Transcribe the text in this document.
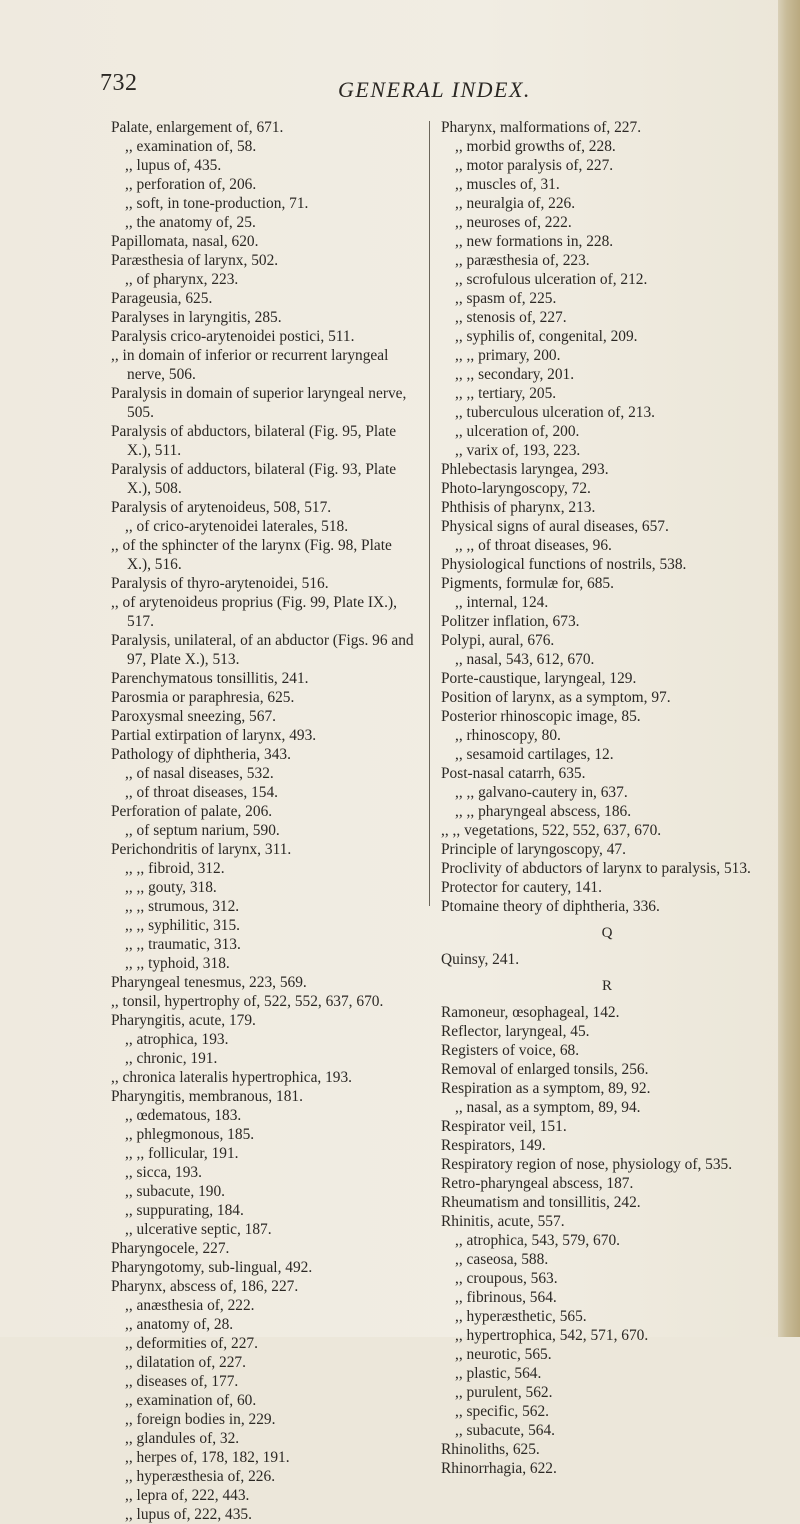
732	GENERAL INDEX.

Palate, enlargement of, 671.

,, examination of, 58.

,, lupus of, 435.

,, perforation of, 206.

,, soft, in tone-production, 71.

,, the anatomy of, 25.

Papillomata, nasal, 620.

Paræsthesia of larynx, 502.

,, of pharynx, 223.

Parageusia, 625.

Paralyses in laryngitis, 285.

Paralysis crico-arytenoidei postici, 511.

,, in domain of inferior or recurrent laryngeal nerve, 506.

Paralysis in domain of superior laryngeal nerve, 505.

Paralysis of abductors, bilateral (Fig. 95, Plate X.), 511.

Paralysis of adductors, bilateral (Fig. 93, Plate X.), 508.

Paralysis of arytenoideus, 508, 517.

,, of crico-arytenoidei laterales, 518.

,, of the sphincter of the larynx (Fig. 98, Plate X.), 516.

Paralysis of thyro-arytenoidei, 516.

,, of arytenoideus proprius (Fig. 99, Plate IX.), 517.

Paralysis, unilateral, of an abductor (Figs. 96 and 97, Plate X.), 513.

Parenchymatous tonsillitis, 241.

Parosmia or paraphresia, 625.

Paroxysmal sneezing, 567.

Partial extirpation of larynx, 493.

Pathology of diphtheria, 343.

,, of nasal diseases, 532.

,, of throat diseases, 154.

Perforation of palate, 206.

,, of septum narium, 590.

Perichondritis of larynx, 311.

,, ,, fibroid, 312.

,, ,, gouty, 318.

,, ,, strumous, 312.

,, ,, syphilitic, 315.

,, ,, traumatic, 313.

,, ,, typhoid, 318.

Pharyngeal tenesmus, 223, 569.

,, tonsil, hypertrophy of, 522, 552, 637, 670.

Pharyngitis, acute, 179.

,, atrophica, 193.

,, chronic, 191.

,, chronica lateralis hypertrophica, 193.

Pharyngitis, membranous, 181.

,, œdematous, 183.

,, phlegmonous, 185.

,, ,, follicular, 191.

,, sicca, 193.

,, subacute, 190.

,, suppurating, 184.

,, ulcerative septic, 187.

Pharyngocele, 227.

Pharyngotomy, sub-lingual, 492.

Pharynx, abscess of, 186, 227.

,, anæsthesia of, 222.

,, anatomy of, 28.

,, deformities of, 227.

,, dilatation of, 227.

,, diseases of, 177.

,, examination of, 60.

,, foreign bodies in, 229.

,, glandules of, 32.

,, herpes of, 178, 182, 191.

,, hyperæsthesia of, 226.

,, lepra of, 222, 443.

,, lupus of, 222, 435.

Pharynx, malformations of, 227.

,, morbid growths of, 228.

,, motor paralysis of, 227.

,, muscles of, 31.

,, neuralgia of, 226.

,, neuroses of, 222.

,, new formations in, 228.

,, paræsthesia of, 223.

,, scrofulous ulceration of, 212.

,, spasm of, 225.

,, stenosis of, 227.

,, syphilis of, congenital, 209.

,, ,, primary, 200.

,, ,, secondary, 201.

,, ,, tertiary, 205.

,, tuberculous ulceration of, 213.

,, ulceration of, 200.

,, varix of, 193, 223.

Phlebectasis laryngea, 293.

Photo-laryngoscopy, 72.

Phthisis of pharynx, 213.

Physical signs of aural diseases, 657.

,, ,, of throat diseases, 96.

Physiological functions of nostrils, 538.

Pigments, formulæ for, 685.

,, internal, 124.

Politzer inflation, 673.

Polypi, aural, 676.

,, nasal, 543, 612, 670.

Porte-caustique, laryngeal, 129.

Position of larynx, as a symptom, 97.

Posterior rhinoscopic image, 85.

,, rhinoscopy, 80.

,, sesamoid cartilages, 12.

Post-nasal catarrh, 635.

,, ,, galvano-cautery in, 637.

,, ,, pharyngeal abscess, 186.

,, ,, vegetations, 522, 552, 637, 670.

Principle of laryngoscopy, 47.

Proclivity of abductors of larynx to paralysis, 513.

Protector for cautery, 141.

Ptomaine theory of diphtheria, 336.

Q

Quinsy, 241.

R

Ramoneur, œsophageal, 142.

Reflector, laryngeal, 45.

Registers of voice, 68.

Removal of enlarged tonsils, 256.

Respiration as a symptom, 89, 92.

,, nasal, as a symptom, 89, 94.

Respirator veil, 151.

Respirators, 149.

Respiratory region of nose, physiology of, 535.

Retro-pharyngeal abscess, 187.

Rheumatism and tonsillitis, 242.

Rhinitis, acute, 557.

,, atrophica, 543, 579, 670.

,, caseosa, 588.

,, croupous, 563.

,, fibrinous, 564.

,, hyperæsthetic, 565.

,, hypertrophica, 542, 571, 670.

,, neurotic, 565.

,, plastic, 564.

,, purulent, 562.

,, specific, 562.

,, subacute, 564.

Rhinoliths, 625.

Rhinorrhagia, 622.
